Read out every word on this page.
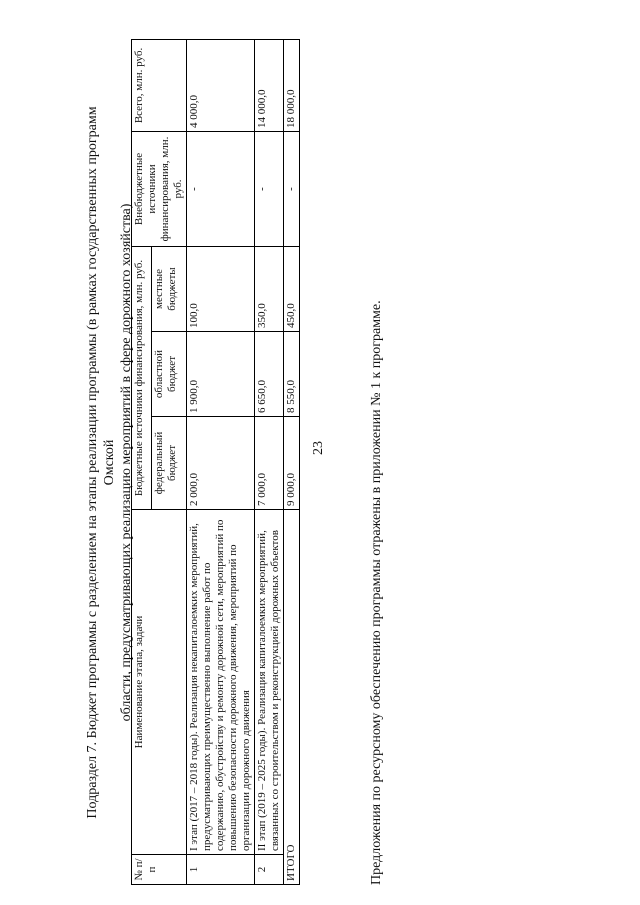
23
Подраздел 7. Бюджет программы с разделением на этапы реализации программы (в рамках государственных программ Омской области, предусматривающих реализацию мероприятий в сфере дорожного хозяйства)
№ п/п	Наименование этапа, задачи	Бюджетные источники финансирования, млн. руб.			Внебюджетные источники финансирования, млн. руб.	Всего, млн. руб.
		федеральный бюджет	областной бюджет	местные бюджеты		
1	I этап (2017 – 2018 годы). Реализация некапиталоемких мероприятий, предусматривающих преимущественно выполнение работ по содержанию, обустройству и ремонту дорожной сети, мероприятий по повышению безопасности дорожного движения, мероприятий по организации дорожного движения	2 000,0	1 900,0	100,0	-	4 000,0
2	II этап (2019 – 2025 годы). Реализация капиталоемких мероприятий, связанных со строительством и реконструкцией дорожных объектов	7 000,0	6 650,0	350,0	-	14 000,0
ИТОГО		9 000,0	8 550,0	450,0	-	18 000,0
Предложения по ресурсному обеспечению программы отражены в приложении № 1 к программе.
